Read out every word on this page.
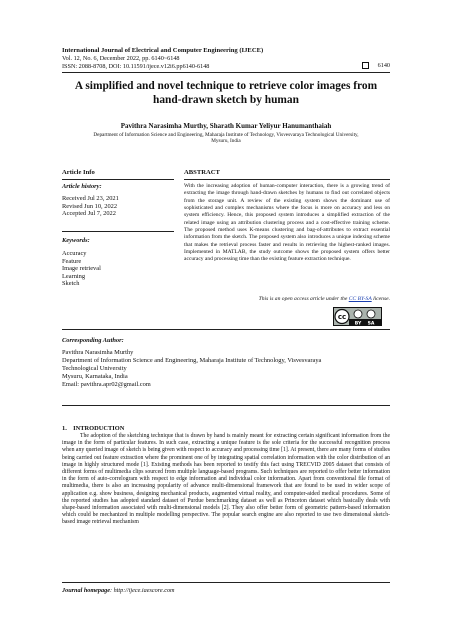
International Journal of Electrical and Computer Engineering (IJECE)
Vol. 12, No. 6, December 2022, pp. 6140~6148
ISSN: 2088-8708, DOI: 10.11591/ijece.v12i6.pp6140-6148	6140
A simplified and novel technique to retrieve color images from
hand-drawn sketch by human
Pavithra Narasimha Murthy, Sharath Kumar Yeliyur Hanumanthaiah
Department of Information Science and Engineering, Maharaja Institute of Technology, Visvesvaraya Technological University,
Mysuru, India
Article Info
Article history:
Received Jul 23, 2021
Revised Jun 10, 2022
Accepted Jul 7, 2022
Keywords:
Accuracy
Feature
Image retrieval
Learning
Sketch
ABSTRACT
With the increasing adoption of human-computer interaction, there is a growing trend of extracting the image through hand-drawn sketches by humans to find out correlated objects from the storage unit. A review of the existing system shows the dominant use of sophisticated and complex mechanisms where the focus is more on accuracy and less on system efficiency. Hence, this proposed system introduces a simplified extraction of the related image using an attribution clustering process and a cost-effective training scheme. The proposed method uses K-means clustering and bag-of-attributes to extract essential information from the sketch. The proposed system also introduces a unique indexing scheme that makes the retrieval process faster and results in retrieving the highest-ranked images. Implemented in MATLAB, the study outcome shows the proposed system offers better accuracy and processing time than the existing feature extraction technique.
This is an open access article under the CC BY-SA license.
cc
BY SA
Corresponding Author:
Pavithra Narasimha Murthy
Department of Information Science and Engineering, Maharaja Institute of Technology, Visvesvaraya
Technological University
Mysuru, Karnataka, India
Email: pavithra.apr02@gmail.com
1.    INTRODUCTION
The adoption of the sketching technique that is drawn by hand is mainly meant for extracting certain significant information from the image in the form of particular features. In such case, extracting a unique feature is the sole criteria for the successful recognition process when any queried image of sketch is being given with respect to accuracy and processing time [1]. At present, there are many forms of studies being carried out feature extraction where the prominent one of by integrating spatial correlation information with the color distribution of an image in highly structured mode [1]. Existing methods has been reported to testify this fact using TRECVID 2005 dataset that consists of different forms of multimedia clips sourced from multiple language-based programs. Such techniques are reported to offer better information in the form of auto-correlogram with respect to edge information and individual color information. Apart from conventional file format of multimedia, there is also an increasing popularity of advance multi-dimensional framework that are found to be used in wider scope of application e.g. show business, designing mechanical products, augmented virtual reality, and computer-aided medical procedures. Some of the reported studies has adopted standard dataset of Purdue benchmarking dataset as well as Princeton dataset which basically deals with shape-based information associated with multi-dimensional models [2]. They also offer better form of geometric pattern-based information which could be mechanized in multiple modelling perspective. The popular search engine are also reported to use two dimensional sketch-based image retrieval mechanism
Journal homepage: http://ijece.iaescore.com
